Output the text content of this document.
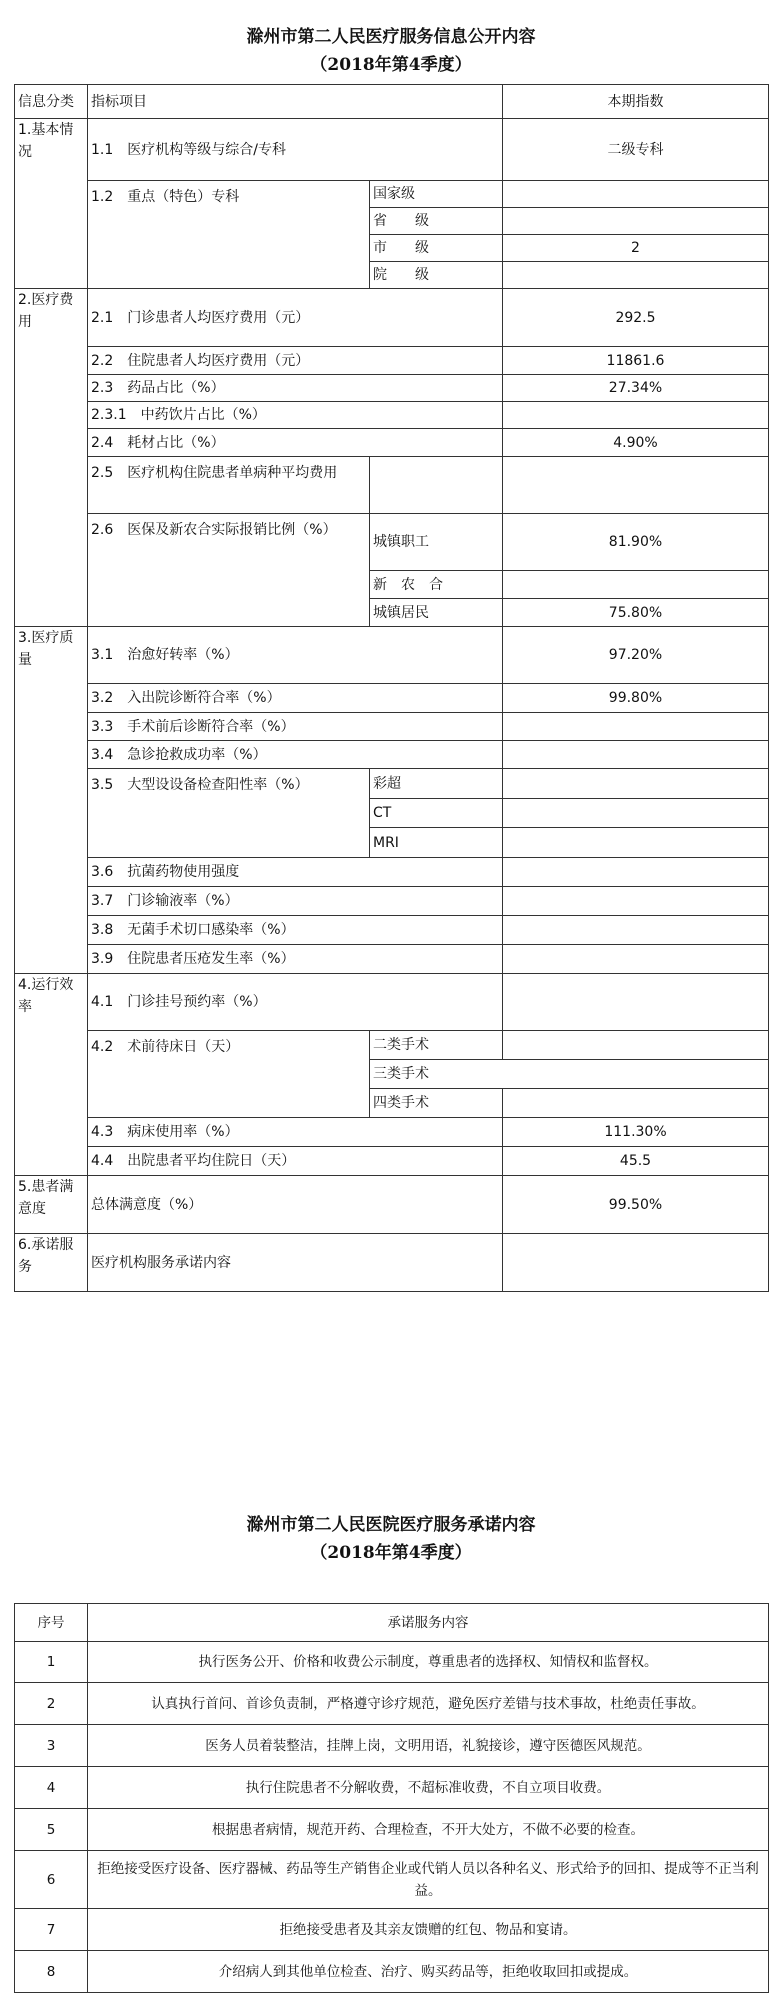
滁州市第二人民医疗服务信息公开内容
（2018年第4季度）
信息分类	指标项目		本期指数
1.基本情况	1.1　医疗机构等级与综合/专科		二级专科
	1.2　重点（特色）专科	国家级	
		省　　级	
		市　　级	2
		院　　级	
2.医疗费用	2.1　门诊患者人均医疗费用（元）		292.5
	2.2　住院患者人均医疗费用（元）		11861.6
	2.3　药品占比（%）		27.34%
	2.3.1　中药饮片占比（%）		
	2.4　耗材占比（%）		4.90%
	2.5　医疗机构住院患者单病种平均费用		
	2.6　医保及新农合实际报销比例（%）	城镇职工	81.90%
		新　农　合	
		城镇居民	75.80%
3.医疗质量	3.1　治愈好转率（%）		97.20%
	3.2　入出院诊断符合率（%）		99.80%
	3.3　手术前后诊断符合率（%）		
	3.4　急诊抢救成功率（%）		
	3.5　大型设设备检查阳性率（%）	彩超	
		CT	
		MRI	
	3.6　抗菌药物使用强度		
	3.7　门诊输液率（%）		
	3.8　无菌手术切口感染率（%）		
	3.9　住院患者压疮发生率（%）		
4.运行效率	4.1　门诊挂号预约率（%）		
	4.2　术前待床日（天）	二类手术	
		三类手术	
		四类手术	
	4.3　病床使用率（%）		111.30%
	4.4　出院患者平均住院日（天）		45.5
5.患者满意度	总体满意度（%）		99.50%
6.承诺服务	医疗机构服务承诺内容		
滁州市第二人民医院医疗服务承诺内容
（2018年第4季度）
序号	承诺服务内容
1	执行医务公开、价格和收费公示制度，尊重患者的选择权、知情权和监督权。
2	认真执行首问、首诊负责制，严格遵守诊疗规范，避免医疗差错与技术事故，杜绝责任事故。
3	医务人员着装整洁，挂牌上岗，文明用语，礼貌接诊，遵守医德医风规范。
4	执行住院患者不分解收费，不超标准收费，不自立项目收费。
5	根据患者病情，规范开药、合理检查，不开大处方，不做不必要的检查。
6	拒绝接受医疗设备、医疗器械、药品等生产销售企业或代销人员以各种名义、形式给予的回扣、提成等不正当利益。
7	拒绝接受患者及其亲友馈赠的红包、物品和宴请。
8	介绍病人到其他单位检查、治疗、购买药品等，拒绝收取回扣或提成。
